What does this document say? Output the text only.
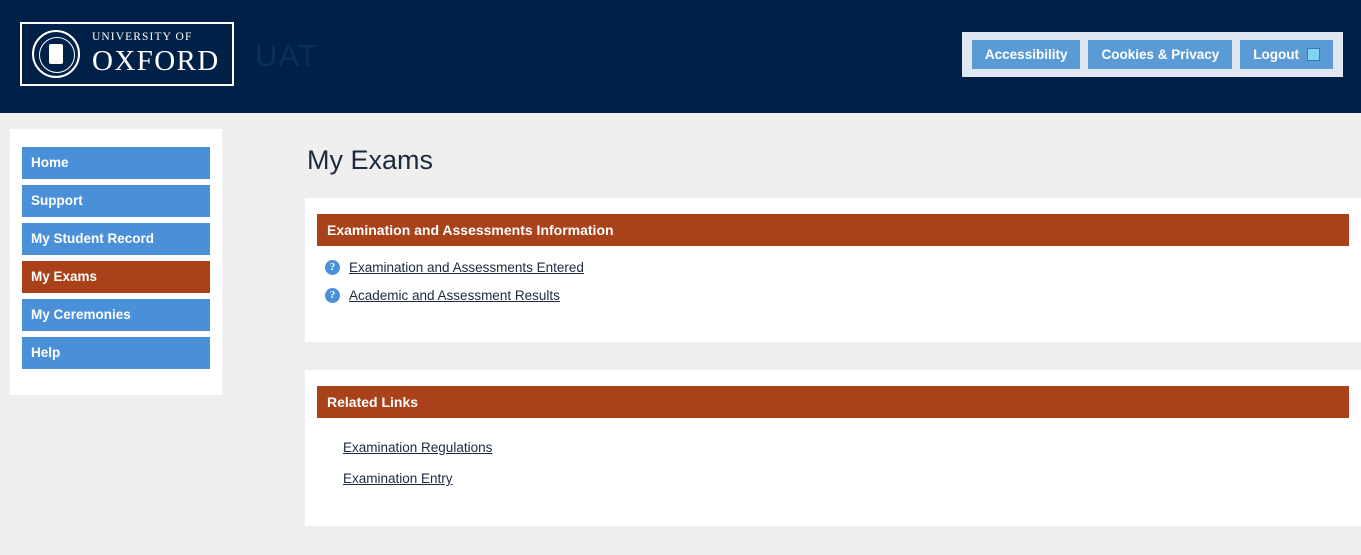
UNIVERSITY OF
OXFORD UAT	Accessibility	Cookies & Privacy	Logout
Home
Support
My Student Record
My Exams
My Ceremonies
Help
My Exams
Examination and Assessments Information
?	Examination and Assessments Entered
?	Academic and Assessment Results
Related Links
Examination Regulations
Examination Entry
